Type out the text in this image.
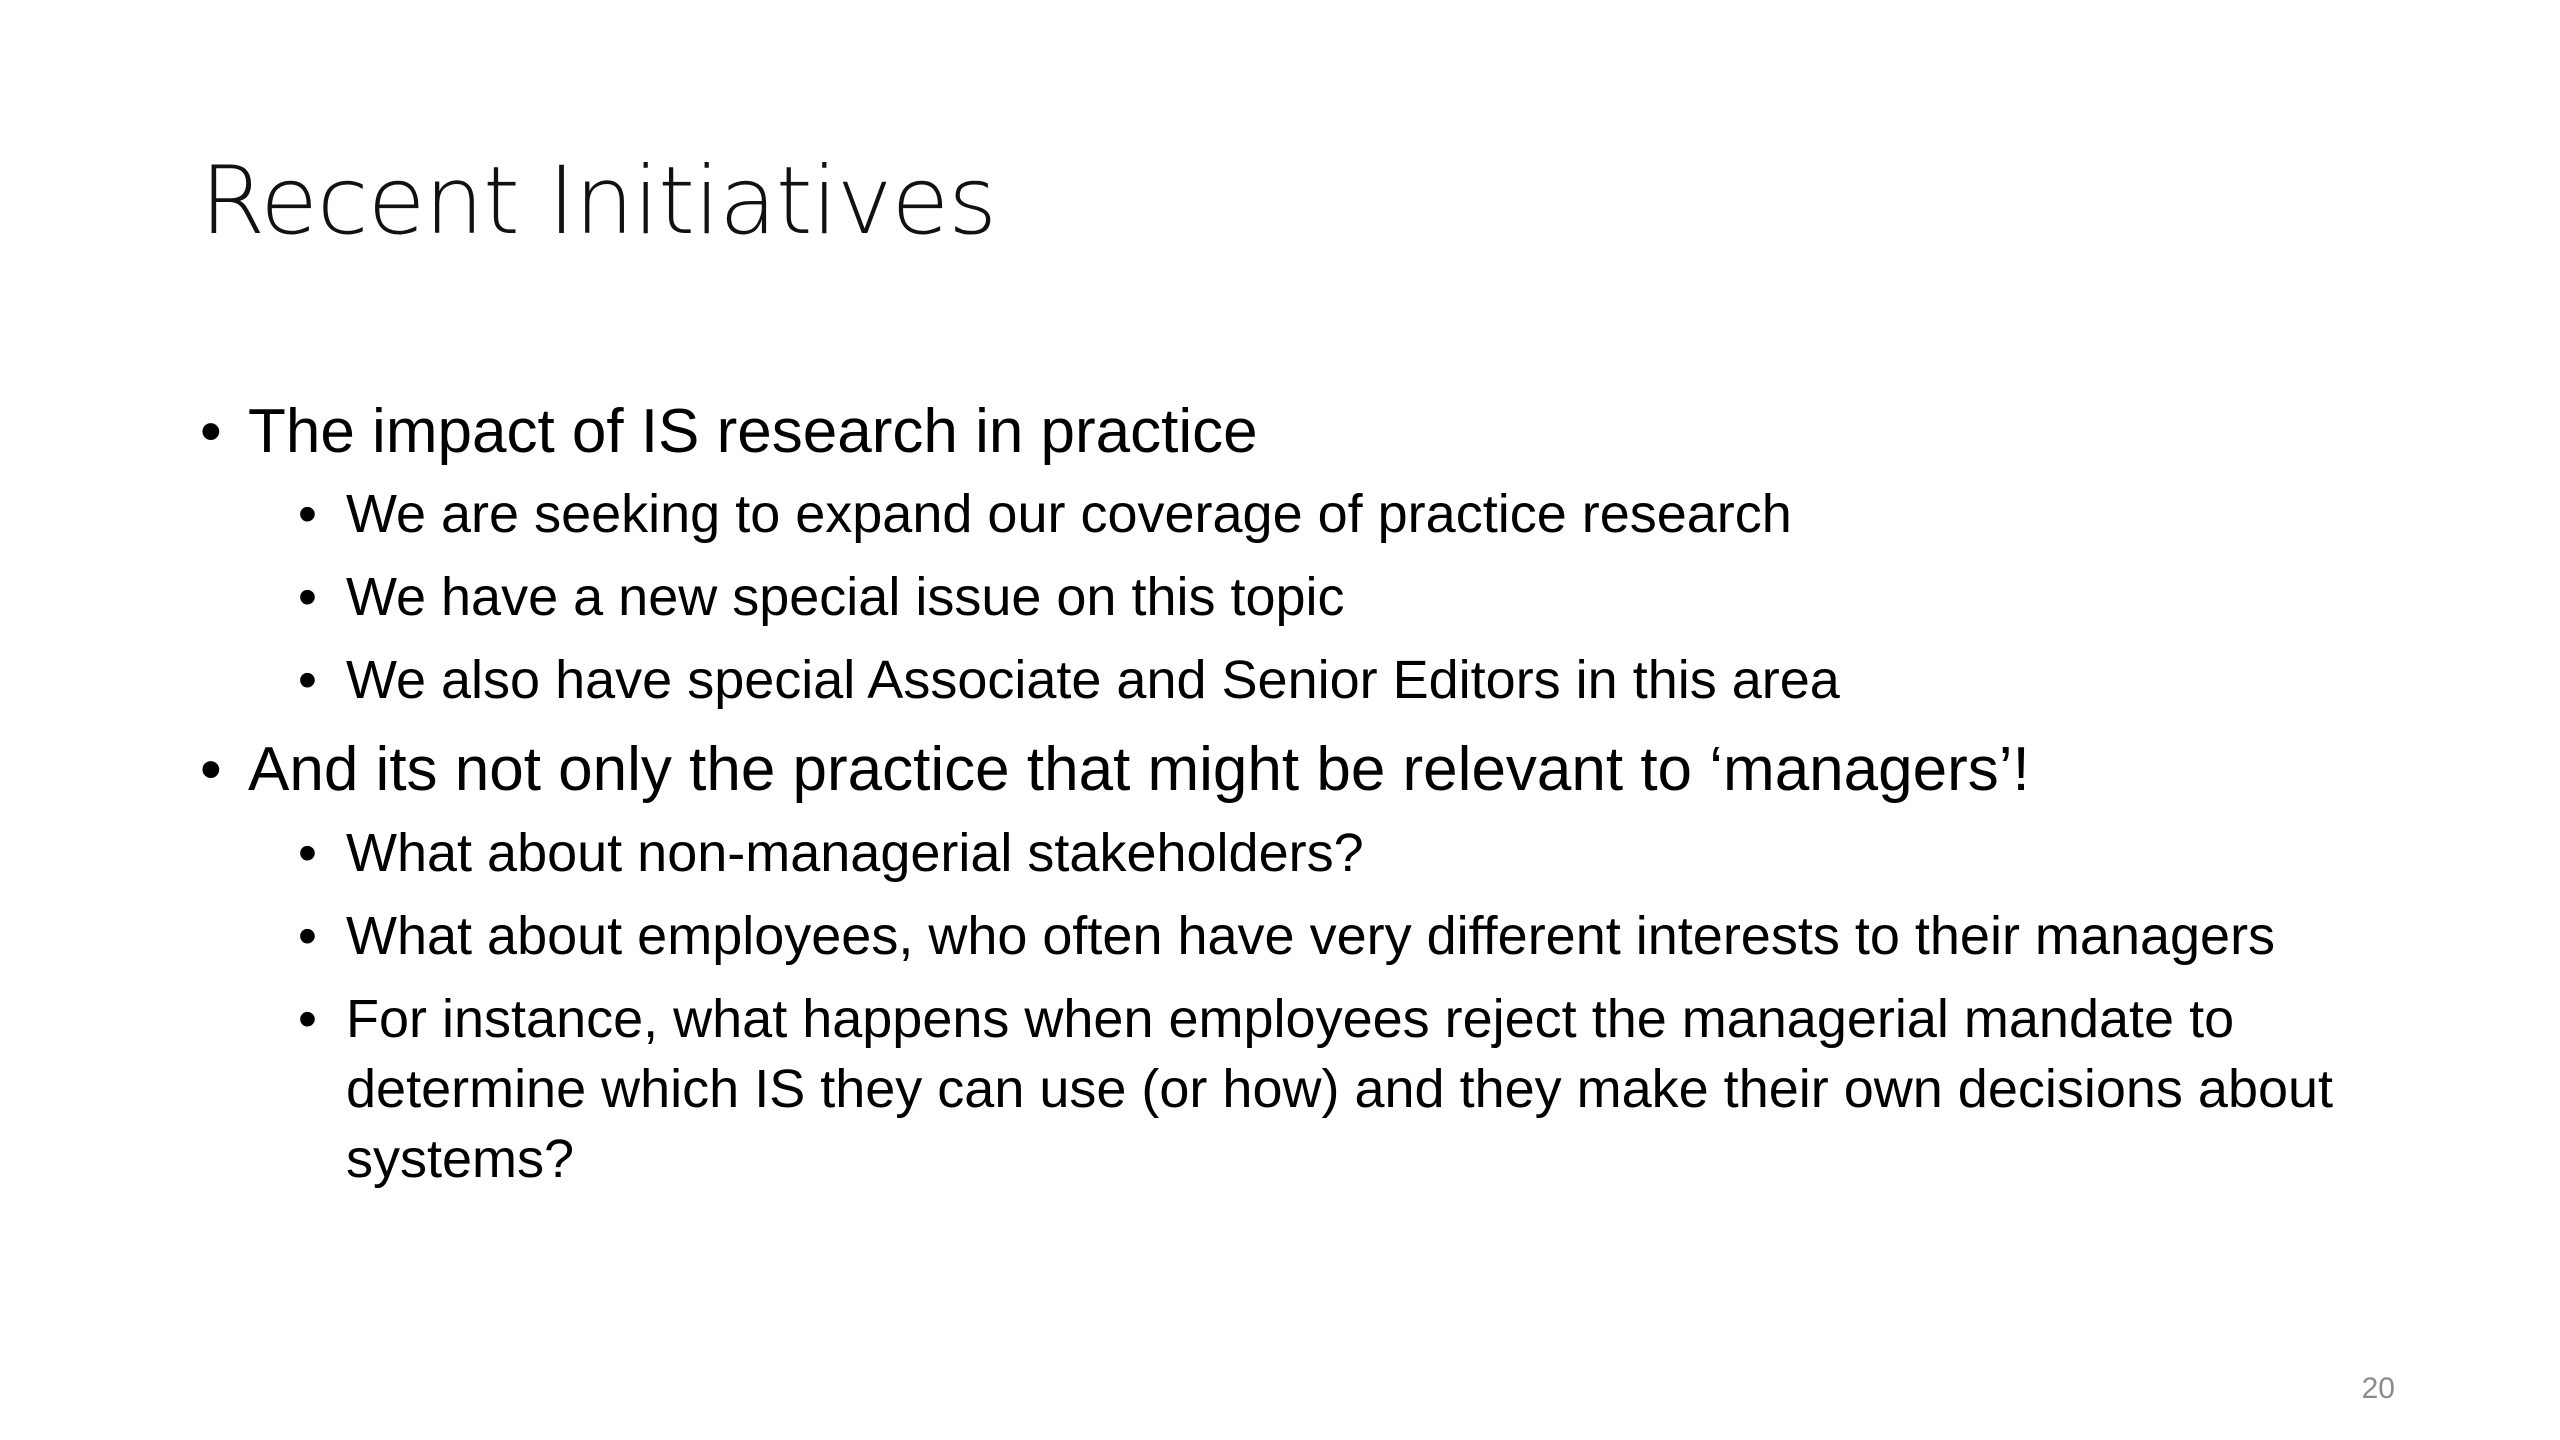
Recent Initiatives
• The impact of IS research in practice
• We are seeking to expand our coverage of practice research
• We have a new special issue on this topic
• We also have special Associate and Senior Editors in this area
• And its not only the practice that might be relevant to ‘managers’!
• What about non-managerial stakeholders?
• What about employees, who often have very different interests to their managers
• For instance, what happens when employees reject the managerial mandate to determine which IS they can use (or how) and they make their own decisions about systems?
20
